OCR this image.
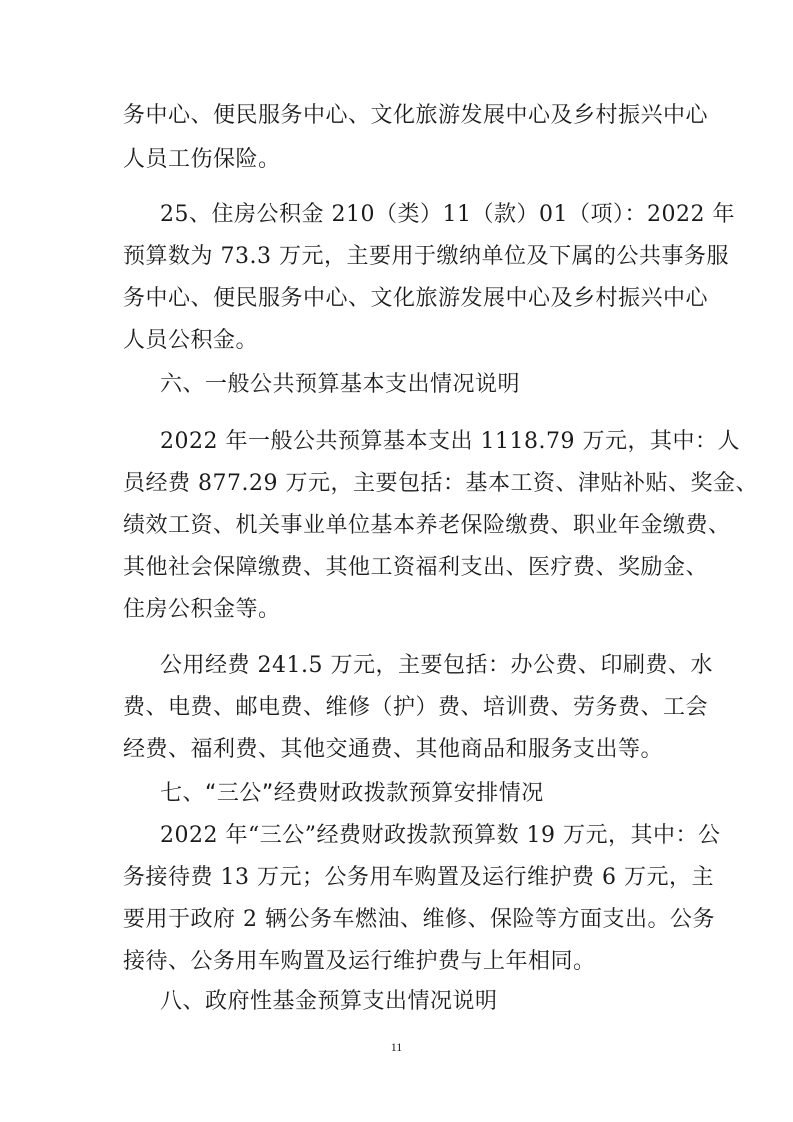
务中心、便民服务中心、文化旅游发展中心及乡村振兴中心
人员工伤保险。
25、住房公积金 210（类）11（款）01（项）：2022 年
预算数为 73.3 万元，主要用于缴纳单位及下属的公共事务服
务中心、便民服务中心、文化旅游发展中心及乡村振兴中心
人员公积金。
六、一般公共预算基本支出情况说明
2022 年一般公共预算基本支出 1118.79 万元，其中：人
员经费 877.29 万元，主要包括：基本工资、津贴补贴、奖金、
绩效工资、机关事业单位基本养老保险缴费、职业年金缴费、
其他社会保障缴费、其他工资福利支出、医疗费、奖励金、
住房公积金等。
公用经费 241.5 万元，主要包括：办公费、印刷费、水
费、电费、邮电费、维修（护）费、培训费、劳务费、工会
经费、福利费、其他交通费、其他商品和服务支出等。
七、“三公”经费财政拨款预算安排情况
2022 年“三公”经费财政拨款预算数 19 万元，其中：公
务接待费 13 万元；公务用车购置及运行维护费 6 万元，主
要用于政府 2 辆公务车燃油、维修、保险等方面支出。公务
接待、公务用车购置及运行维护费与上年相同。
八、政府性基金预算支出情况说明
11
